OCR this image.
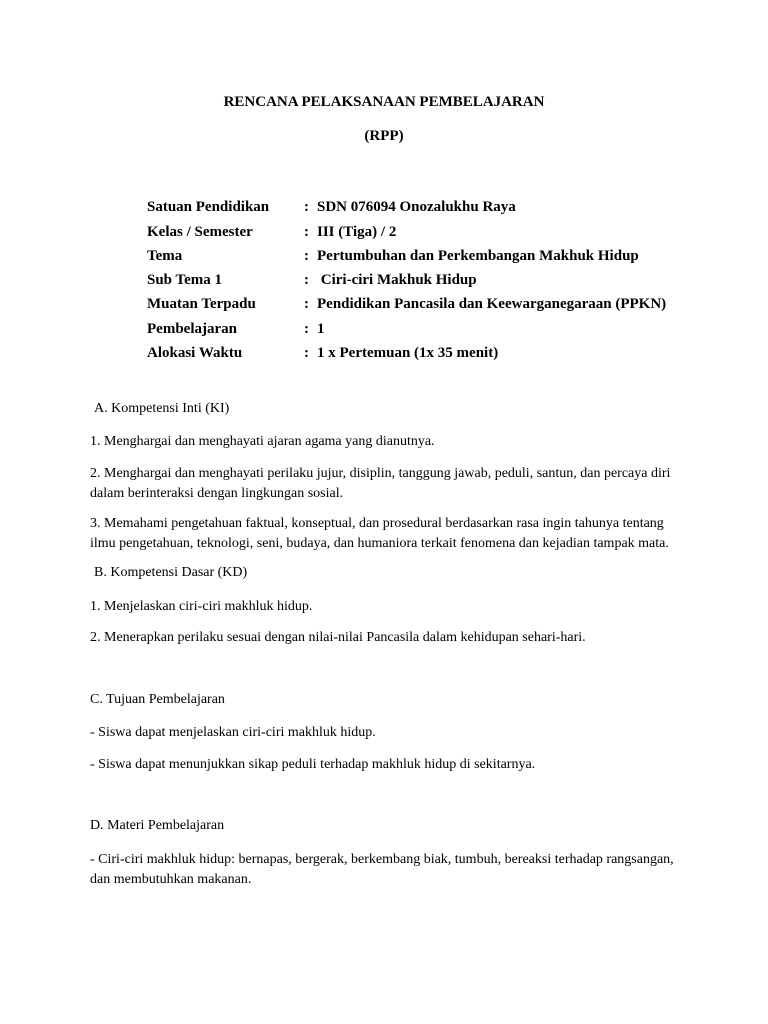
RENCANA PELAKSANAAN PEMBELAJARAN
(RPP)
Satuan Pendidikan : SDN 076094 Onozalukhu Raya
Kelas / Semester	: III (Tiga) / 2
Tema	: Pertumbuhan dan Perkembangan Makhuk Hidup
Sub Tema 1	: Ciri-ciri Makhuk Hidup
Muatan Terpadu	: Pendidikan Pancasila dan Keewarganegaraan (PPKN)
Pembelajaran	: 1
Alokasi Waktu	: 1 x Pertemuan (1x 35 menit)
A. Kompetensi Inti (KI)
1. Menghargai dan menghayati ajaran agama yang dianutnya.
2. Menghargai dan menghayati perilaku jujur, disiplin, tanggung jawab, peduli, santun, dan percaya diri dalam berinteraksi dengan lingkungan sosial.
3. Memahami pengetahuan faktual, konseptual, dan prosedural berdasarkan rasa ingin tahunya tentang ilmu pengetahuan, teknologi, seni, budaya, dan humaniora terkait fenomena dan kejadian tampak mata.
B. Kompetensi Dasar (KD)
1. Menjelaskan ciri-ciri makhluk hidup.
2. Menerapkan perilaku sesuai dengan nilai-nilai Pancasila dalam kehidupan sehari-hari.
C. Tujuan Pembelajaran
- Siswa dapat menjelaskan ciri-ciri makhluk hidup.
- Siswa dapat menunjukkan sikap peduli terhadap makhluk hidup di sekitarnya.
D. Materi Pembelajaran
- Ciri-ciri makhluk hidup: bernapas, bergerak, berkembang biak, tumbuh, bereaksi terhadap rangsangan, dan membutuhkan makanan.
